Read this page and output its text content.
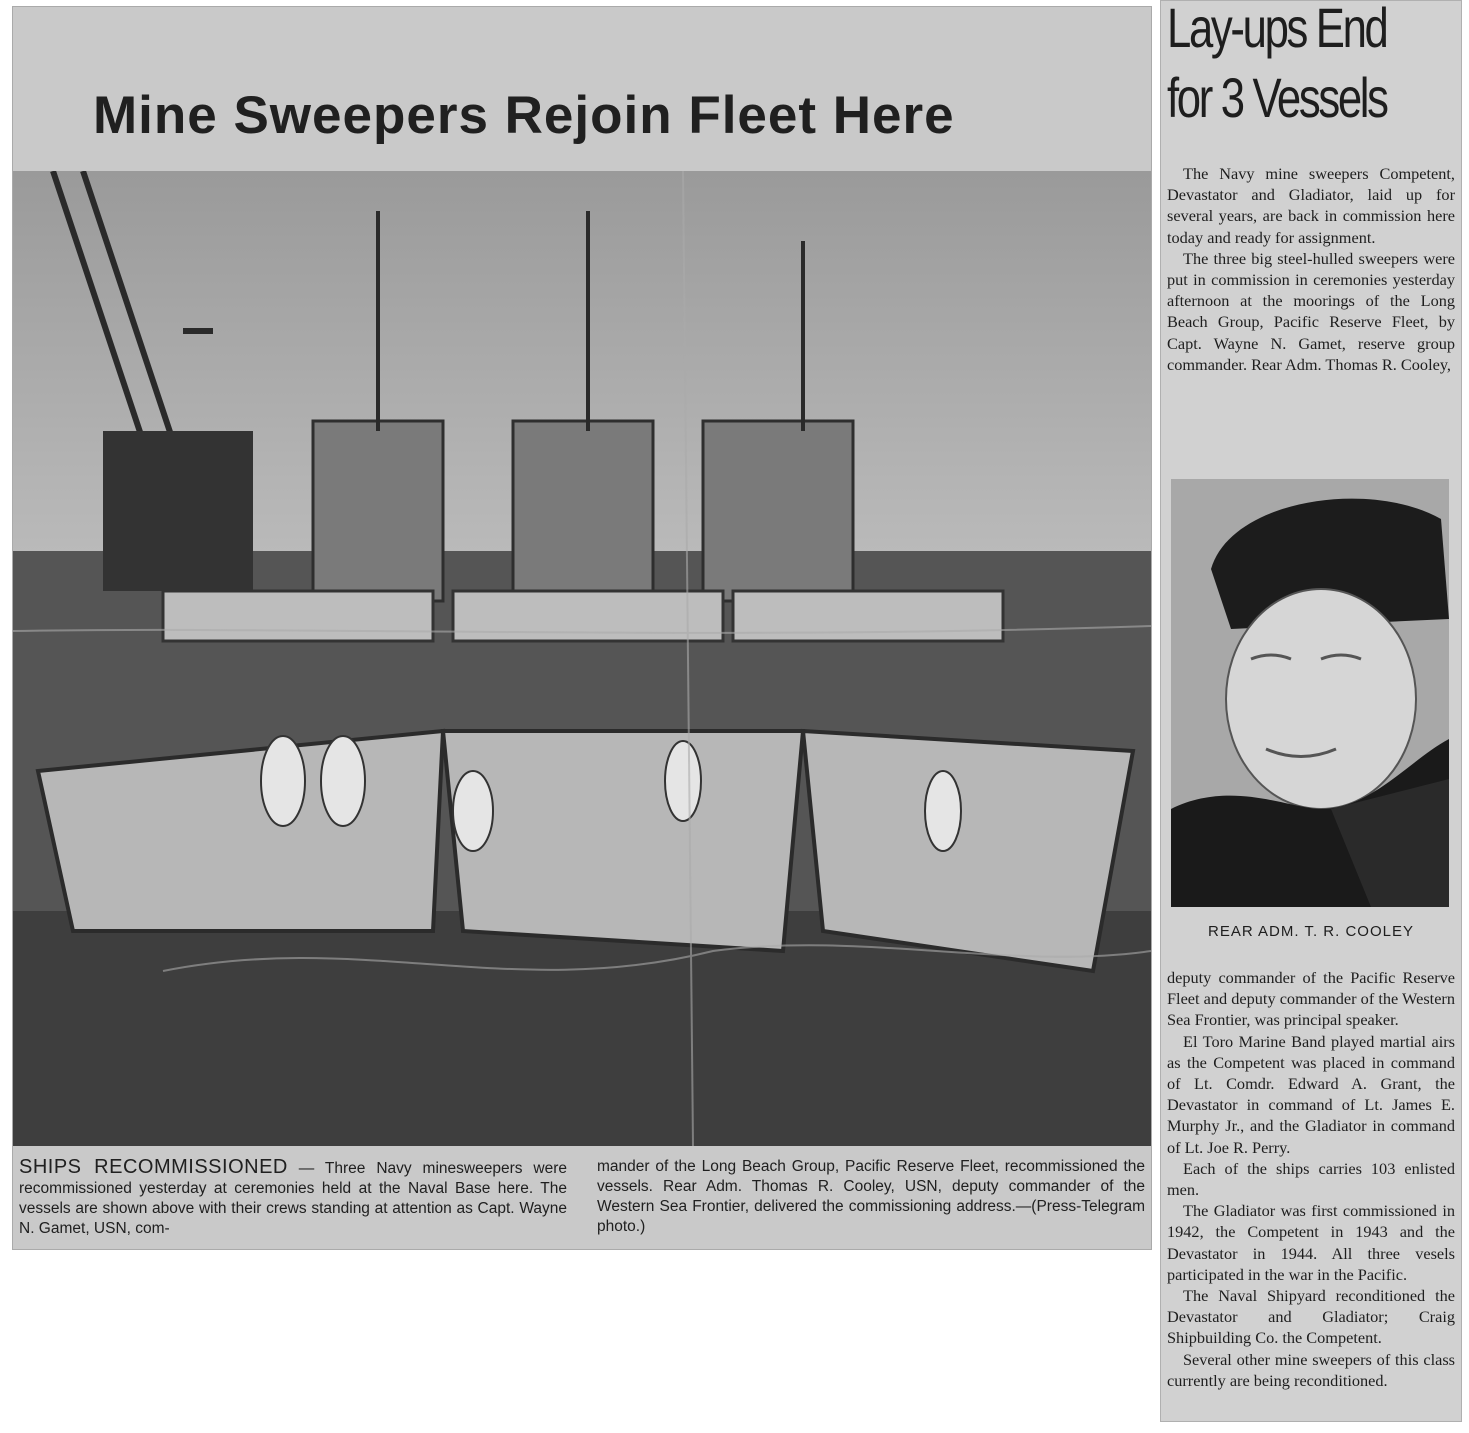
Mine Sweepers Rejoin Fleet Here
SHIPS RECOMMISSIONED — Three Navy minesweepers were recommissioned yesterday at ceremonies held at the Naval Base here. The vessels are shown above with their crews standing at attention as Capt. Wayne N. Gamet, USN, com-
mander of the Long Beach Group, Pacific Reserve Fleet, recommissioned the vessels. Rear Adm. Thomas R. Cooley, USN, deputy commander of the Western Sea Frontier, delivered the commissioning address.—(Press-Telegram photo.)
Lay-ups End
for 3 Vessels

The Navy mine sweepers Competent, Devastator and Gladiator, laid up for several years, are back in commission here today and ready for assignment.

The three big steel-hulled sweepers were put in commission in ceremonies yesterday afternoon at the moorings of the Long Beach Group, Pacific Reserve Fleet, by Capt. Wayne N. Gamet, reserve group commander. Rear Adm. Thomas R. Cooley,

REAR ADM. T. R. COOLEY

deputy commander of the Pacific Reserve Fleet and deputy commander of the Western Sea Frontier, was principal speaker.

El Toro Marine Band played martial airs as the Competent was placed in command of Lt. Comdr. Edward A. Grant, the Devastator in command of Lt. James E. Murphy Jr., and the Gladiator in command of Lt. Joe R. Perry.

Each of the ships carries 103 enlisted men.

The Gladiator was first commissioned in 1942, the Competent in 1943 and the Devastator in 1944. All three vesels participated in the war in the Pacific.

The Naval Shipyard reconditioned the Devastator and Gladiator; Craig Shipbuilding Co. the Competent.

Several other mine sweepers of this class currently are being reconditioned.
